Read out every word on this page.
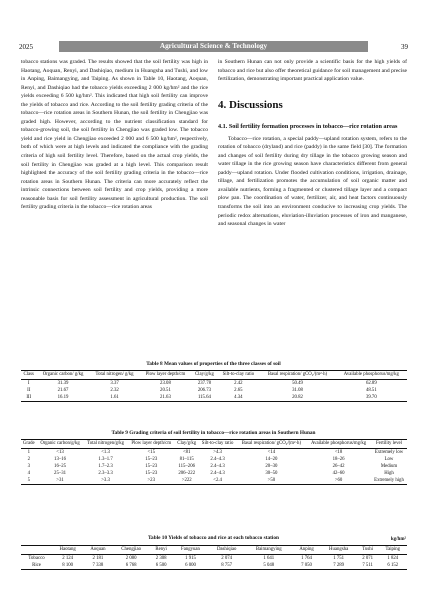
2025	Agricultural Science & Technology	39

tobacco stations was graded. The results showed that the soil fertility was high in Haotang, Aoquan, Renyi, and Dashiqiao, medium in Huangsha and Tushi, and low in Anping, Baimangying, and Taiping. As shown in Table 10, Haotang, Aoquan, Renyi, and Dashiqiao had the tobacco yields exceeding 2 000 kg/hm² and the rice yields exceeding 6 500 kg/hm². This indicated that high soil fertility can improve the yields of tobacco and rice. According to the soil fertility grading criteria of the tobacco—rice rotation areas in Southern Hunan, the soil fertility in Chengjiao was graded high. However, according to the nutrient classification standard for tobacco-growing soil, the soil fertility in Chengjiao was graded low. The tobacco yield and rice yield in Chengjiao exceeded 2 000 and 6 500 kg/hm², respectively, both of which were at high levels and indicated the compliance with the grading criteria of high soil fertility level. Therefore, based on the actual crop yields, the soil fertility in Chengjiao was graded at a high level. This comparison result highlighted the accuracy of the soil fertility grading criteria in the tobacco—rice rotation areas in Southern Hunan. The criteria can more accurately reflect the intrinsic connections between soil fertility and crop yields, providing a more reasonable basis for soil fertility assessment in agricultural production. The soil fertility grading criteria in the tobacco—rice rotation areas

in Southern Hunan can not only provide a scientific basis for the high yields of tobacco and rice but also offer theoretical guidance for soil management and precise fertilization, demonstrating important practical application value.

4. Discussions
4.1. Soil fertility formation processes in tobacco—rice rotation areas

Tobacco—rice rotation, a special paddy—upland rotation system, refers to the rotation of tobacco (dryland) and rice (paddy) in the same field [30]. The formation and changes of soil fertility during dry tillage in the tobacco growing season and water tillage in the rice growing season have characteristics different from general paddy—upland rotation. Under flooded cultivation conditions, irrigation, drainage, tillage, and fertilization promotes the accumulation of soil organic matter and available nutrients, forming a fragmented or clustered tillage layer and a compact plow pan. The coordination of water, fertilizer, air, and heat factors continuously transforms the soil into an environment conducive to increasing crop yields. The periodic redox alternations, eluviation-illuviation processes of iron and manganese, and seasonal changes in water

Table 8 Mean values of properties of the three classes of soil
Class	Organic carbon/ g/kg	Total nitrogen/ g/kg	Plow layer depth/cm	Clay/g/kg	Silt-to-clay ratio	Basal respiration/ gCO₂/(m²·h)	Available phosphorus/mg/kg
I	31.39	3.37	23.08	237.78	2.42	50.49	62.89
II	21.67	2.32	20.51	206.73	2.65	31.08	48.51
III	16.19	1.61	21.63	115.64	4.34	20.82	39.70
Table 9 Grading criteria of soil fertility in tobacco—rice rotation areas in Southern Hunan
Grade	Organic carbon/g/kg	Total nitrogen/g/kg	Plow layer depth/cm	Clay/g/kg	Silt-to-clay ratio	Basal respiration/ gCO₂/(m²·h)	Available phosphorus/mg/kg	Fertility level
1	<13	<1.3	<15	<81	>4.3	<14	<18	Extremely low
2	13–16	1.3–1.7	15–23	81–115	2.4–4.3	14–20	18–26	Low
3	16–25	1.7–2.3	15–23	115–206	2.4–4.3	20–30	26–42	Medium
4	25–31	2.3–3.3	15–23	206–222	2.4–4.3	30–50	42–60	High
5	>31	>3.3	>23	>222	<2.4	>50	>60	Extremely high
Table 10 Yields of tobacco and rice at each tobacco station	kg/hm²
	Haotang	Aoquan	Chengjiao	Renyi	Fangyuan	Dashiqiao	Baimangying	Anping	Huangsha	Tushi	Taiping
Tobacco	2 124	2 181	2 080	2 308	1 915	2 074	1 641	1 764	1 751	2 071	1 824
Rice	8 100	7 338	6 768	6 500	6 000	8 757	5 048	7 050	7 289	7 511	6 152
